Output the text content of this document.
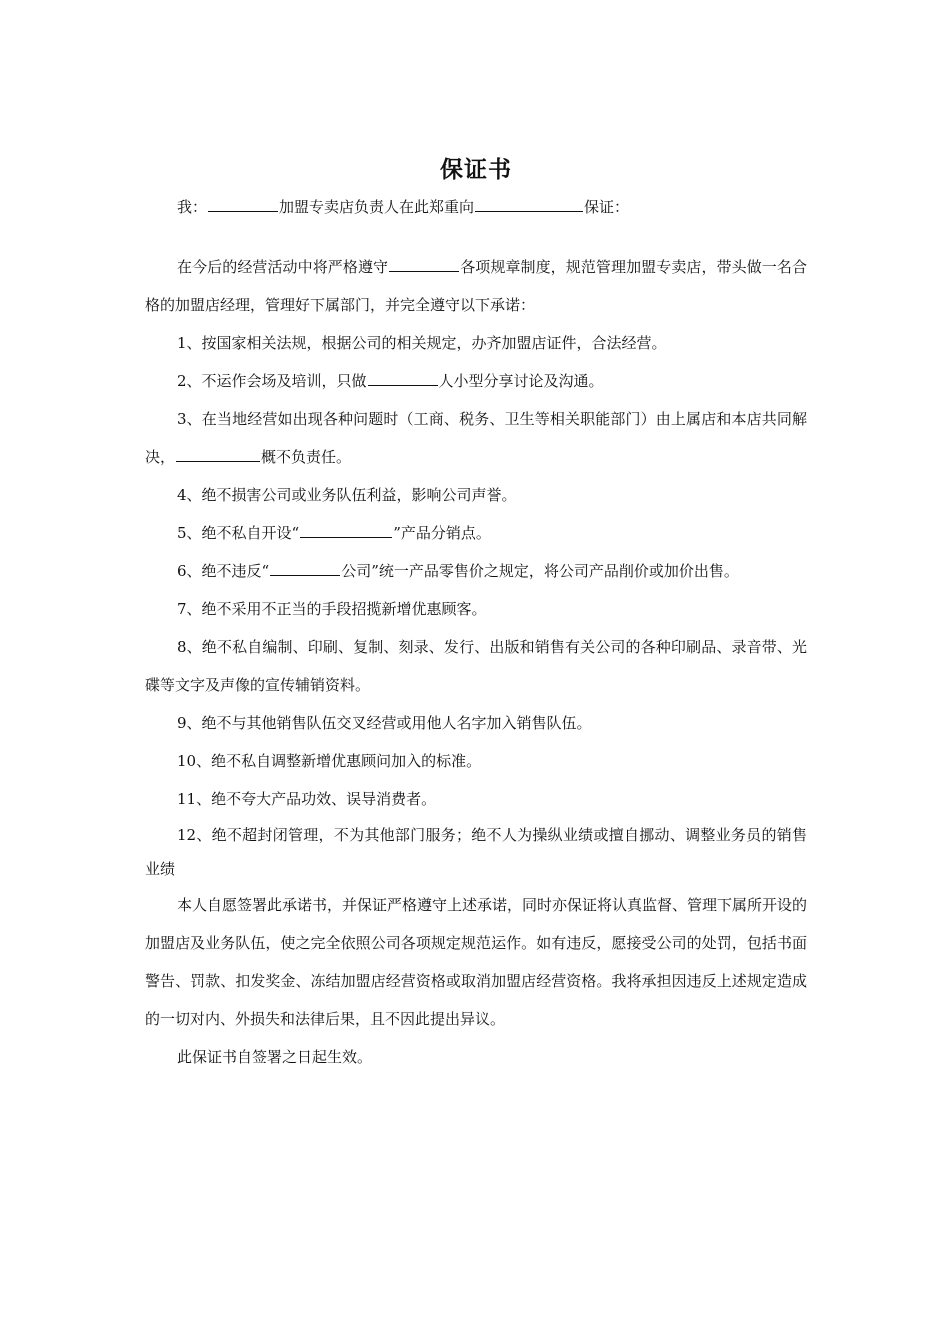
保证书

我：	加盟专卖店负责人在此郑重向	保证：

在今后的经营活动中将严格遵守	各项规章制度，规范管理加盟专卖店，带头做一名合格的加盟店经理，管理好下属部门，并完全遵守以下承诺：

1、按国家相关法规，根据公司的相关规定，办齐加盟店证件，合法经营。

2、不运作会场及培训，只做	人小型分享讨论及沟通。

3、在当地经营如出现各种问题时（工商、税务、卫生等相关职能部门）由上属店和本店共同解决，	概不负责任。

4、绝不损害公司或业务队伍利益，影响公司声誉。

5、绝不私自开设“	”产品分销点。

6、绝不违反“	公司”统一产品零售价之规定，将公司产品削价或加价出售。

7、绝不采用不正当的手段招揽新增优惠顾客。

8、绝不私自编制、印刷、复制、刻录、发行、出版和销售有关公司的各种印刷品、录音带、光碟等文字及声像的宣传辅销资料。

9、绝不与其他销售队伍交叉经营或用他人名字加入销售队伍。

10、绝不私自调整新增优惠顾问加入的标准。

11、绝不夸大产品功效、误导消费者。

12、绝不超封闭管理，不为其他部门服务；绝不人为操纵业绩或擅自挪动、调整业务员的销售业绩

本人自愿签署此承诺书，并保证严格遵守上述承诺，同时亦保证将认真监督、管理下属所开设的加盟店及业务队伍，使之完全依照公司各项规定规范运作。如有违反，愿接受公司的处罚，包括书面警告、罚款、扣发奖金、冻结加盟店经营资格或取消加盟店经营资格。我将承担因违反上述规定造成的一切对内、外损失和法律后果，且不因此提出异议。

此保证书自签署之日起生效。
